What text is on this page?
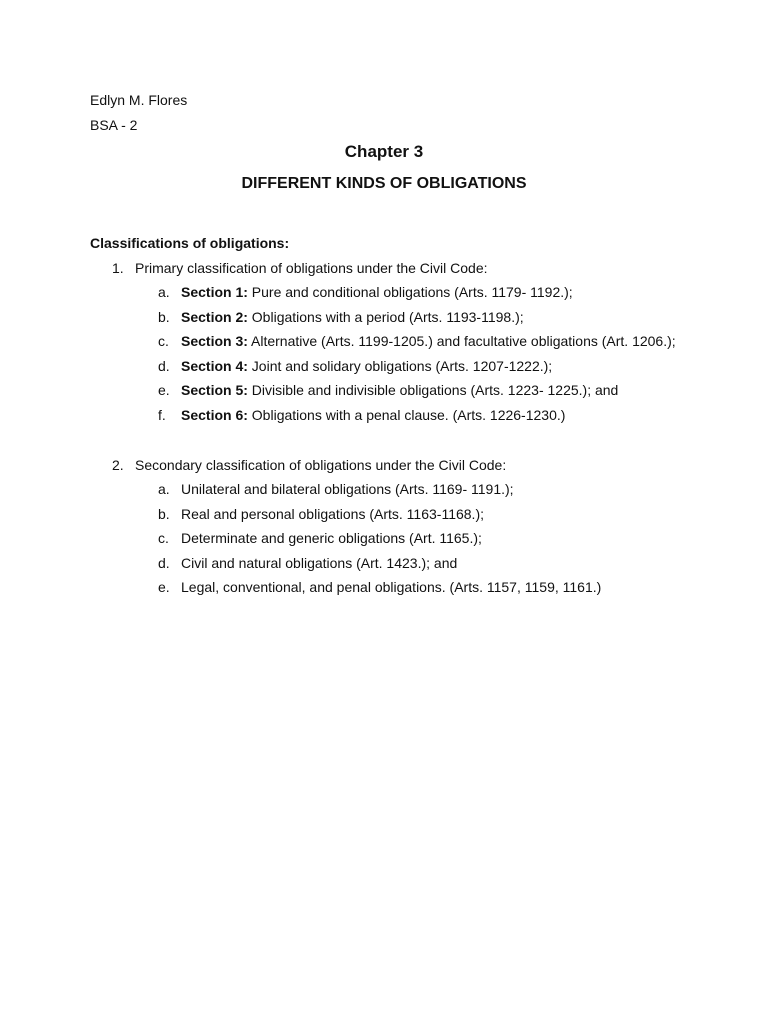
Edlyn M. Flores
BSA - 2
Chapter 3
DIFFERENT KINDS OF OBLIGATIONS
Classifications of obligations:
1. Primary classification of obligations under the Civil Code:
a. Section 1: Pure and conditional obligations (Arts. 1179- 1192.);
b. Section 2: Obligations with a period (Arts. 1193-1198.);
c. Section 3: Alternative (Arts. 1199-1205.) and facultative obligations (Art. 1206.);
d. Section 4: Joint and solidary obligations (Arts. 1207-1222.);
e. Section 5: Divisible and indivisible obligations (Arts. 1223- 1225.); and
f. Section 6: Obligations with a penal clause. (Arts. 1226-1230.)
2. Secondary classification of obligations under the Civil Code:
a. Unilateral and bilateral obligations (Arts. 1169- 1191.);
b. Real and personal obligations (Arts. 1163-1168.);
c. Determinate and generic obligations (Art. 1165.);
d. Civil and natural obligations (Art. 1423.); and
e. Legal, conventional, and penal obligations. (Arts. 1157, 1159, 1161.)
